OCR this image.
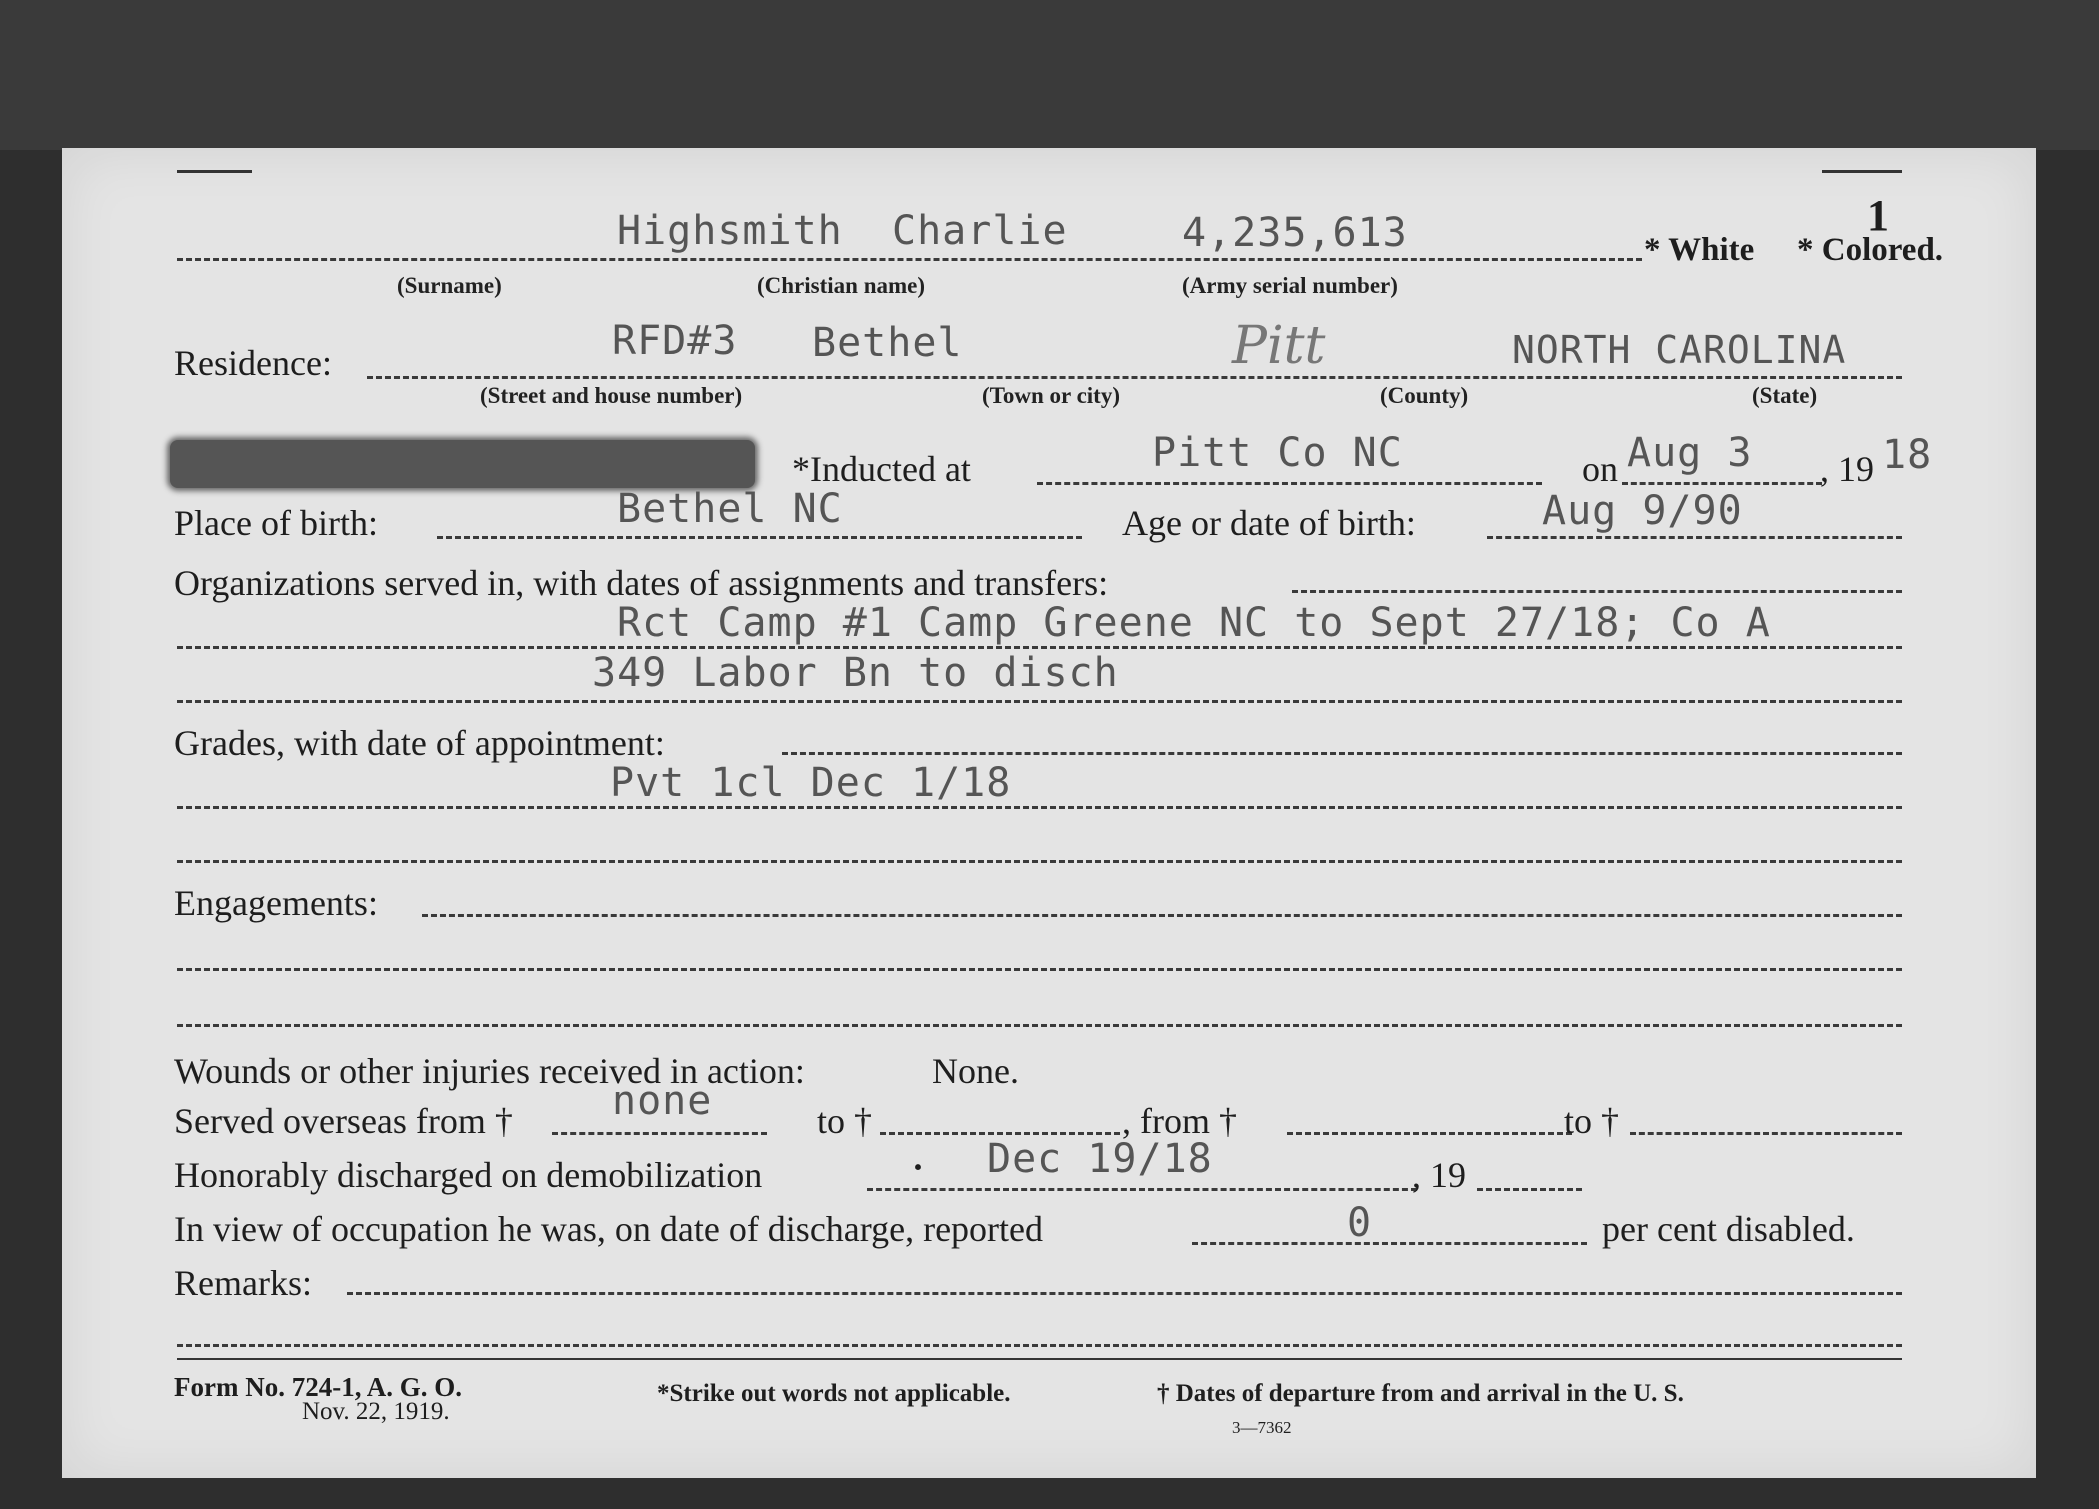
1
Highsmith Charlie	4,235,613	* White * Colored.
(Surname)	(Christian name)	(Army serial number)
Residence:	RFD#3 Bethel	Pitt	NORTH CAROLINA
(Street and house number)	(Town or city)	(County)	(State)
*Inducted at	Pitt Co NC	on Aug 3 , 19 18
Place of birth:	Bethel NC	Age or date of birth:	Aug 9/90
Organizations served in, with dates of assignments and transfers:
Rct Camp #1 Camp Greene NC to Sept 27/18; Co A
349 Labor Bn to disch
Grades, with date of appointment:
Pvt 1cl Dec 1/18
Engagements:
Wounds or other injuries received in action:	None.
Served overseas from † none	to †	, from †	to †
Honorably discharged on demobilization	· Dec 19/18	, 19
In view of occupation he was, on date of discharge, reported	0	per cent disabled.
Remarks:
Form No. 724-1, A. G. O.
Nov. 22, 1919.
*Strike out words not applicable.	† Dates of departure from and arrival in the U. S.
3—7362
